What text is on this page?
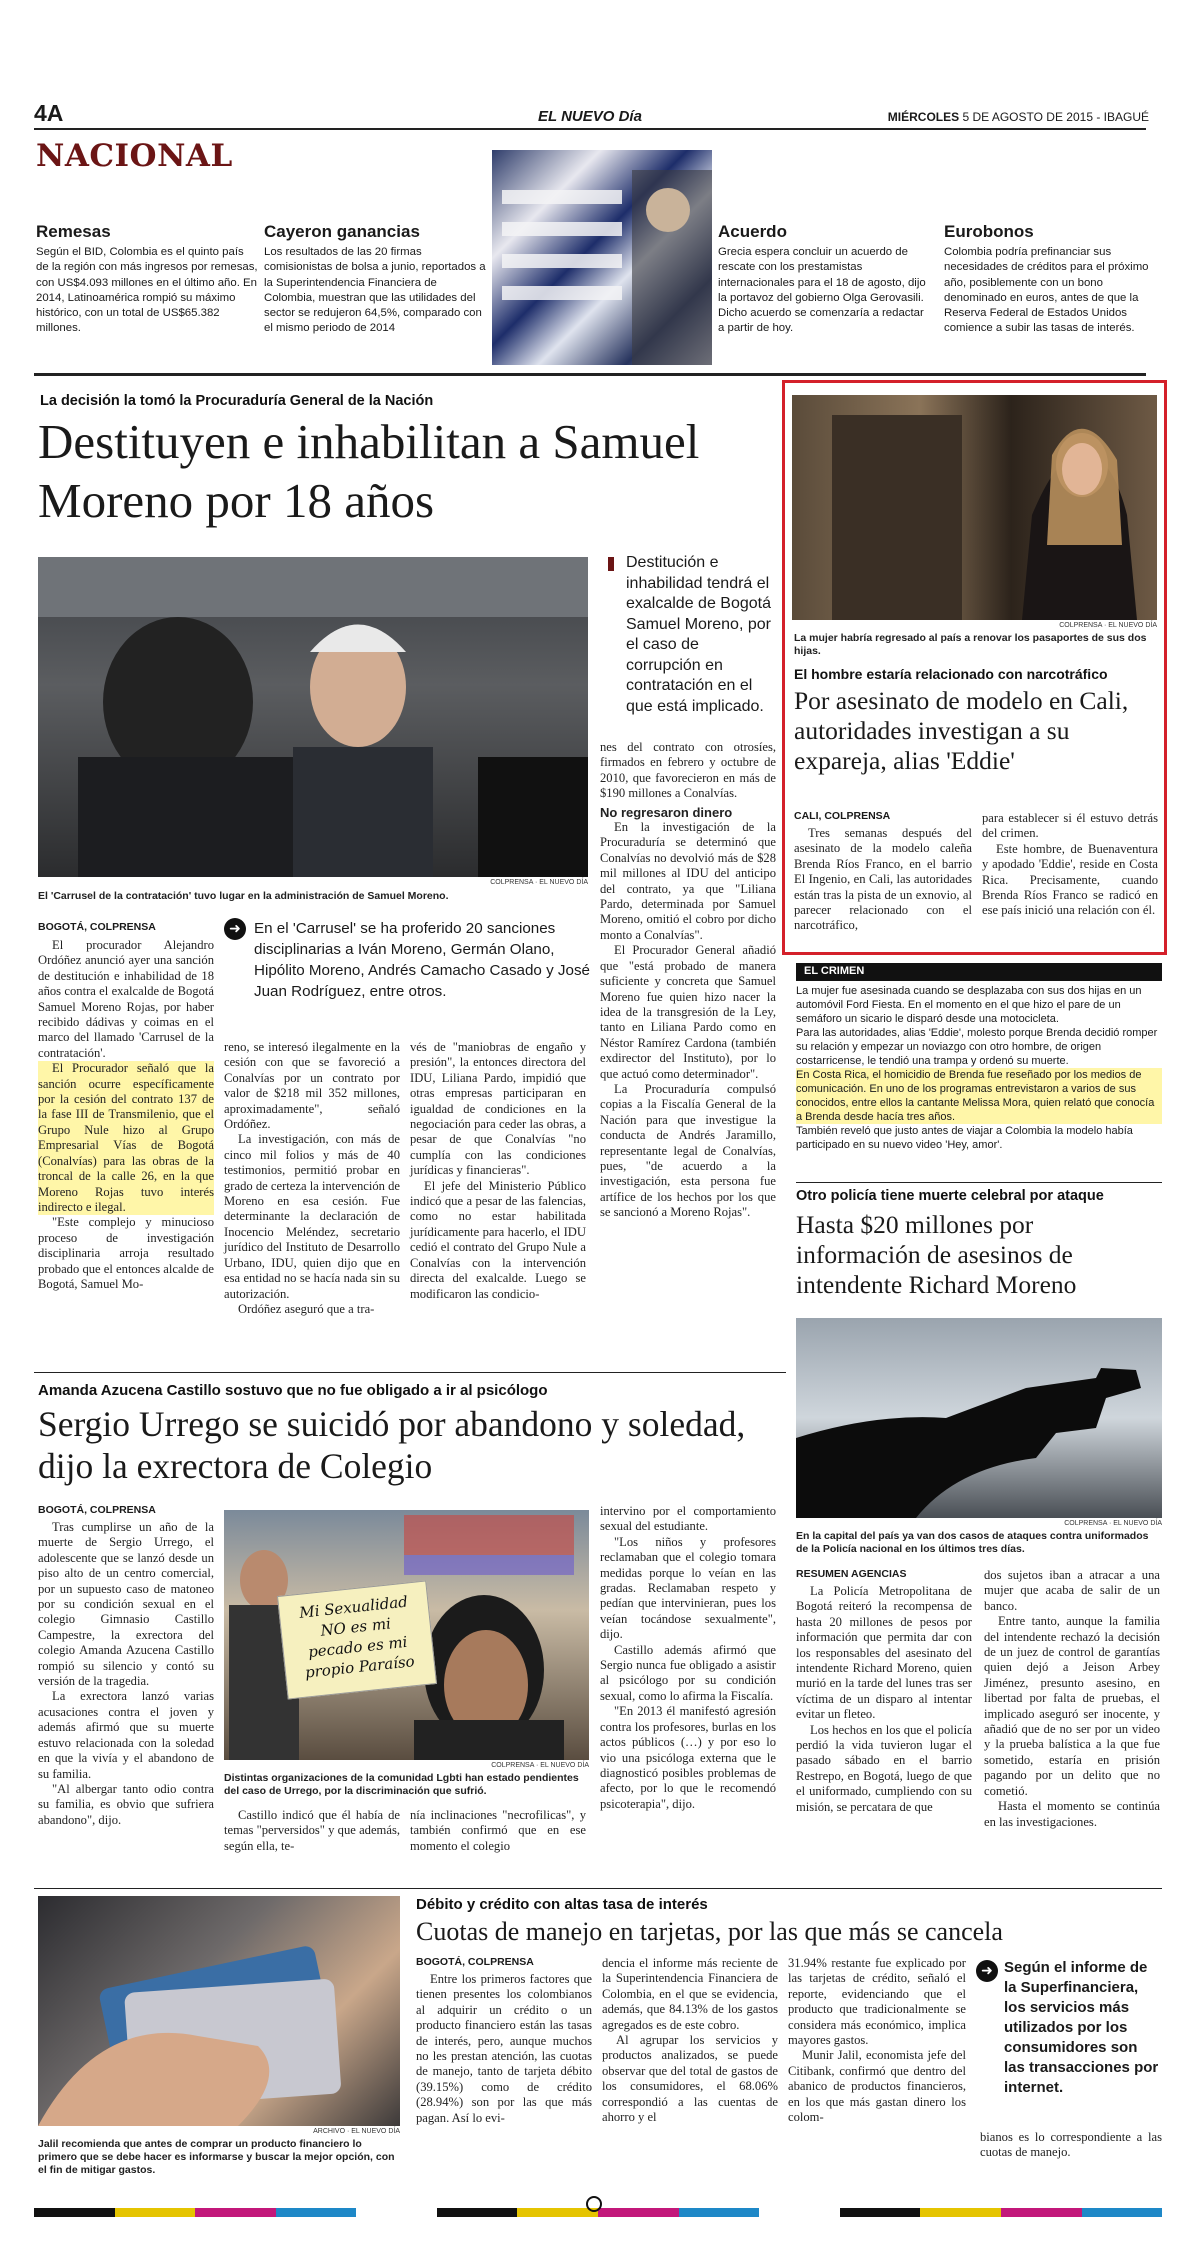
4A	EL NUEVO Día	MIÉRCOLES 5 DE AGOSTO DE 2015 - IBAGUÉ
NACIONAL
Remesas
Según el BID, Colombia es el quinto país de la región con más ingresos por remesas, con US$4.093 millones en el último año. En 2014, Latinoamérica rompió su máximo histórico, con un total de US$65.382 millones.
Cayeron ganancias
Los resultados de las 20 firmas comisionistas de bolsa a junio, reportados a la Superintendencia Financiera de Colombia, muestran que las utilidades del sector se redujeron 64,5%, comparado con el mismo periodo de 2014
Acuerdo
Grecia espera concluir un acuerdo de rescate con los prestamistas internacionales para el 18 de agosto, dijo la portavoz del gobierno Olga Gerovasili. Dicho acuerdo se comenzaría a redactar a partir de hoy.
Eurobonos
Colombia podría prefinanciar sus necesidades de créditos para el próximo año, posiblemente con un bono denominado en euros, antes de que la Reserva Federal de Estados Unidos comience a subir las tasas de interés.
La decisión la tomó la Procuraduría General de la Nación
Destituyen e inhabilitan a Samuel Moreno por 18 años
COLPRENSA · EL NUEVO DÍA
El 'Carrusel de la contratación' tuvo lugar en la administración de Samuel Moreno.
Destitución e inhabilidad tendrá el exalcalde de Bogotá Samuel Moreno, por el caso de corrupción en contratación en el que está implicado.
BOGOTÁ, COLPRENSA

El procurador Alejandro Ordóñez anunció ayer una sanción de destitución e inhabilidad de 18 años contra el exalcalde de Bogotá Samuel Moreno Rojas, por haber recibido dádivas y coimas en el marco del llamado 'Carrusel de la contratación'.

El Procurador señaló que la sanción ocurre específicamente por la cesión del contrato 137 de la fase III de Transmilenio, que el Grupo Nule hizo al Grupo Empresarial Vías de Bogotá (Conalvías) para las obras de la troncal de la calle 26, en la que Moreno Rojas tuvo interés indirecto e ilegal.

"Este complejo y minucioso proceso de investigación disciplinaria arroja resultado probado que el entonces alcalde de Bogotá, Samuel Mo-

➜ En el 'Carrusel' se ha proferido 20 sanciones disciplinarias a Iván Moreno, Germán Olano, Hipólito Moreno, Andrés Camacho Casado y José Juan Rodríguez, entre otros.

reno, se interesó ilegalmente en la cesión con que se favoreció a Conalvías por un contrato por valor de $218 mil 352 millones, aproximadamente", señaló Ordóñez.

La investigación, con más de cinco mil folios y más de 40 testimonios, permitió probar en grado de certeza la intervención de Moreno en esa cesión. Fue determinante la declaración de Inocencio Meléndez, secretario jurídico del Instituto de Desarrollo Urbano, IDU, quien dijo que en esa entidad no se hacía nada sin su autorización.

Ordóñez aseguró que a tra-

vés de "maniobras de engaño y presión", la entonces directora del IDU, Liliana Pardo, impidió que otras empresas participaran en igualdad de condiciones en la negociación para ceder las obras, a pesar de que Conalvías "no cumplía con las condiciones jurídicas y financieras".

El jefe del Ministerio Público indicó que a pesar de las falencias, como no estar habilitada jurídicamente para hacerlo, el IDU cedió el contrato del Grupo Nule a Conalvías con la intervención directa del exalcalde. Luego se modificaron las condicio-

nes del contrato con otrosíes, firmados en febrero y octubre de 2010, que favorecieron en más de $190 millones a Conalvías.

No regresaron dinero

En la investigación de la Procuraduría se determinó que Conalvías no devolvió más de $28 mil millones al IDU del anticipo del contrato, ya que "Liliana Pardo, determinada por Samuel Moreno, omitió el cobro por dicho monto a Conalvías".

El Procurador General añadió que "está probado de manera suficiente y concreta que Samuel Moreno fue quien hizo nacer la idea de la transgresión de la Ley, tanto en Liliana Pardo como en Néstor Ramírez Cardona (también exdirector del Instituto), por lo que actuó como determinador".

La Procuraduría compulsó copias a la Fiscalía General de la Nación para que investigue la conducta de Andrés Jaramillo, representante legal de Conalvías, pues, "de acuerdo a la investigación, esta persona fue artífice de los hechos por los que se sancionó a Moreno Rojas".

COLPRENSA · EL NUEVO DÍA
La mujer habría regresado al país a renovar los pasaportes de sus dos hijas.
El hombre estaría relacionado con narcotráfico
Por asesinato de modelo en Cali, autoridades investigan a su expareja, alias 'Eddie'
CALI, COLPRENSA

Tres semanas después del asesinato de la modelo caleña Brenda Ríos Franco, en el barrio El Ingenio, en Cali, las autoridades están tras la pista de un exnovio, al parecer relacionado con el narcotráfico,

para establecer si él estuvo detrás del crimen.

Este hombre, de Buenaventura y apodado 'Eddie', reside en Costa Rica. Precisamente, cuando Brenda Ríos Franco se radicó en ese país inició una relación con él.

EL CRIMEN
La mujer fue asesinada cuando se desplazaba con sus dos hijas en un automóvil Ford Fiesta. En el momento en el que hizo el pare de un semáforo un sicario le disparó desde una motocicleta.
Para las autoridades, alias 'Eddie', molesto porque Brenda decidió romper su relación y empezar un noviazgo con otro hombre, de origen costarricense, le tendió una trampa y ordenó su muerte.
En Costa Rica, el homicidio de Brenda fue reseñado por los medios de comunicación. En uno de los programas entrevistaron a varios de sus conocidos, entre ellos la cantante Melissa Mora, quien relató que conocía a Brenda desde hacía tres años.
También reveló que justo antes de viajar a Colombia la modelo había participado en su nuevo video 'Hey, amor'.
Otro policía tiene muerte celebral por ataque
Hasta $20 millones por información de asesinos de intendente Richard Moreno
COLPRENSA · EL NUEVO DÍA
En la capital del país ya van dos casos de ataques contra uniformados de la Policía nacional en los últimos tres días.
RESUMEN AGENCIAS

La Policía Metropolitana de Bogotá reiteró la recompensa de hasta 20 millones de pesos por información que permita dar con los responsables del asesinato del intendente Richard Moreno, quien murió en la tarde del lunes tras ser víctima de un disparo al intentar evitar un fleteo.

Los hechos en los que el policía perdió la vida tuvieron lugar el pasado sábado en el barrio Restrepo, en Bogotá, luego de que el uniformado, cumpliendo con su misión, se percatara de que

dos sujetos iban a atracar a una mujer que acaba de salir de un banco.

Entre tanto, aunque la familia del intendente rechazó la decisión de un juez de control de garantías quien dejó a Jeison Arbey Jiménez, presunto asesino, en libertad por falta de pruebas, el implicado aseguró ser inocente, y añadió que de no ser por un video y la prueba balística a la que fue sometido, estaría en prisión pagando por un delito que no cometió.

Hasta el momento se continúa en las investigaciones.

Amanda Azucena Castillo sostuvo que no fue obligado a ir al psicólogo
Sergio Urrego se suicidó por abandono y soledad, dijo la exrectora de Colegio
BOGOTÁ, COLPRENSA

Tras cumplirse un año de la muerte de Sergio Urrego, el adolescente que se lanzó desde un piso alto de un centro comercial, por un supuesto caso de matoneo por su condición sexual en el colegio Gimnasio Castillo Campestre, la exrectora del colegio Amanda Azucena Castillo rompió su silencio y contó su versión de la tragedia.

La exrectora lanzó varias acusaciones contra el joven y además afirmó que su muerte estuvo relacionada con la soledad en que la vivía y el abandono de su familia.

"Al albergar tanto odio contra su familia, es obvio que sufriera abandono", dijo.

Mi Sexualidad NO es mi pecado es mi propio Paraíso
COLPRENSA · EL NUEVO DÍA
Distintas organizaciones de la comunidad Lgbti han estado pendientes del caso de Urrego, por la discriminación que sufrió.

Castillo indicó que él había de temas "perversidos" y que además, según ella, te-

nía inclinaciones "necrofilicas", y también confirmó que en ese momento el colegio

intervino por el comportamiento sexual del estudiante.

"Los niños y profesores reclamaban que el colegio tomara medidas porque lo veían en las gradas. Reclamaban respeto y pedían que intervinieran, pues los veían tocándose sexualmente", dijo.

Castillo además afirmó que Sergio nunca fue obligado a asistir al psicólogo por su condición sexual, como lo afirma la Fiscalía.

"En 2013 él manifestó agresión contra los profesores, burlas en los actos públicos (…) y por eso lo vio una psicóloga externa que le diagnosticó posibles problemas de afecto, por lo que le recomendó psicoterapia", dijo.

ARCHIVO · EL NUEVO DÍA
Jalil recomienda que antes de comprar un producto financiero lo primero que se debe hacer es informarse y buscar la mejor opción, con el fin de mitigar gastos.
Débito y crédito con altas tasa de interés
Cuotas de manejo en tarjetas, por las que más se cancela
BOGOTÁ, COLPRENSA

Entre los primeros factores que tienen presentes los colombianos al adquirir un crédito o un producto financiero están las tasas de interés, pero, aunque muchos no les prestan atención, las cuotas de manejo, tanto de tarjeta débito (39.15%) como de crédito (28.94%) son por las que más pagan. Así lo evi-

dencia el informe más reciente de la Superintendencia Financiera de Colombia, en el que se evidencia, además, que 84.13% de los gastos agregados es de este cobro.

Al agrupar los servicios y productos analizados, se puede observar que del total de gastos de los consumidores, el 68.06% correspondió a las cuentas de ahorro y el

31.94% restante fue explicado por las tarjetas de crédito, señaló el reporte, evidenciando que el producto que tradicionalmente se considera más económico, implica mayores gastos.

Munir Jalil, economista jefe del Citibank, confirmó que dentro del abanico de productos financieros, en los que más gastan dinero los colom-

➜ Según el informe de la Superfinanciera, los servicios más utilizados por los consumidores son las transacciones por internet.

bianos es lo correspondiente a las cuotas de manejo.
